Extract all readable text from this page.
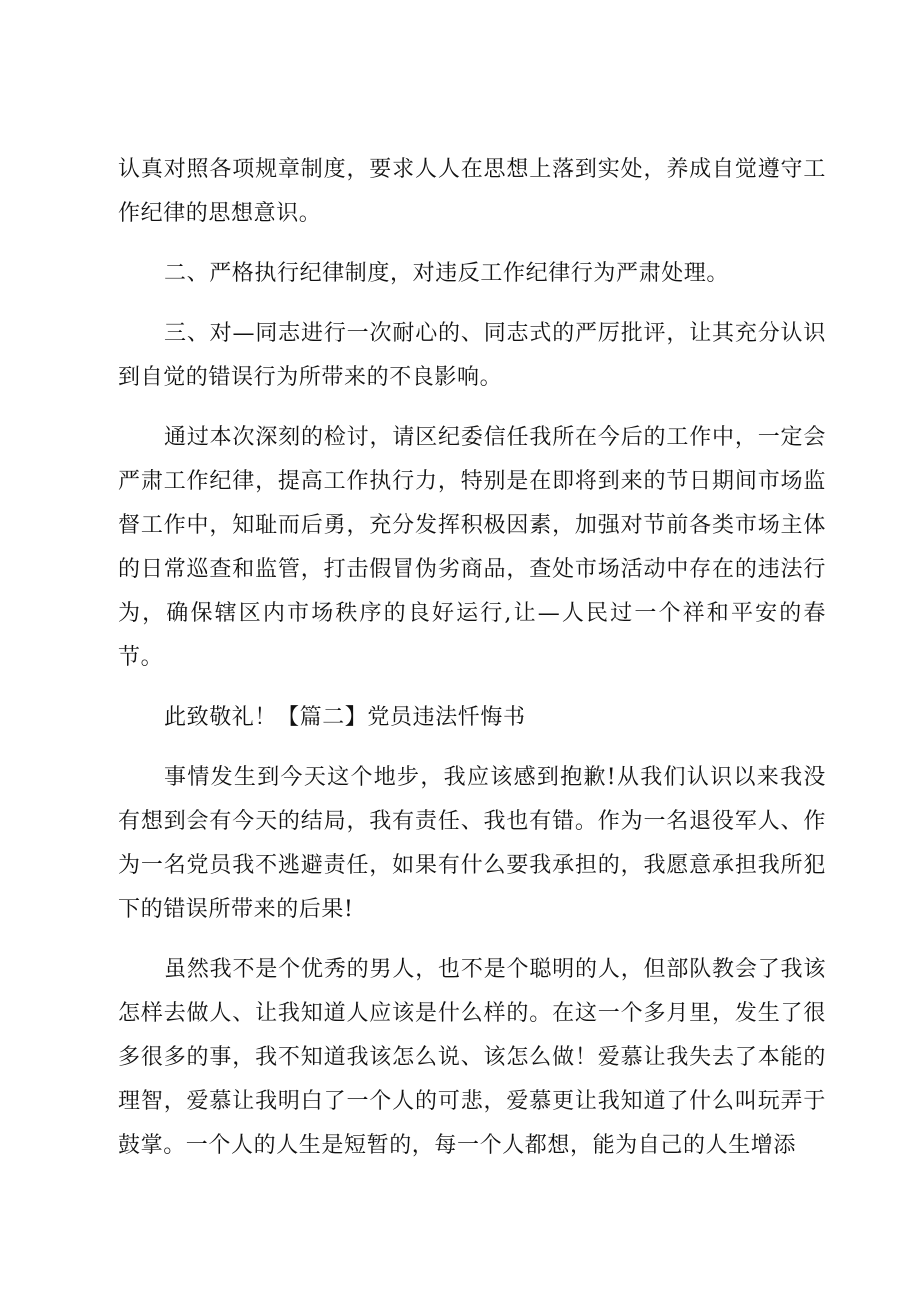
认真对照各项规章制度，要求人人在思想上落到实处，养成自觉遵守工作纪律的思想意识。

二、严格执行纪律制度，对违反工作纪律行为严肃处理。

三、对—同志进行一次耐心的、同志式的严厉批评，让其充分认识到自觉的错误行为所带来的不良影响。

通过本次深刻的检讨，请区纪委信任我所在今后的工作中，一定会严肃工作纪律，提高工作执行力，特别是在即将到来的节日期间市场监督工作中，知耻而后勇，充分发挥积极因素，加强对节前各类市场主体的日常巡查和监管，打击假冒伪劣商品，查处市场活动中存在的违法行为，确保辖区内市场秩序的良好运行,让—人民过一个祥和平安的春节。

此致敬礼！【篇二】党员违法忏悔书

事情发生到今天这个地步，我应该感到抱歉!从我们认识以来我没有想到会有今天的结局，我有责任、我也有错。作为一名退役军人、作为一名党员我不逃避责任，如果有什么要我承担的，我愿意承担我所犯下的错误所带来的后果!

虽然我不是个优秀的男人，也不是个聪明的人，但部队教会了我该怎样去做人、让我知道人应该是什么样的。在这一个多月里，发生了很多很多的事，我不知道我该怎么说、该怎么做！爱慕让我失去了本能的理智，爱慕让我明白了一个人的可悲，爱慕更让我知道了什么叫玩弄于鼓掌。一个人的人生是短暂的，每一个人都想，能为自己的人生增添
